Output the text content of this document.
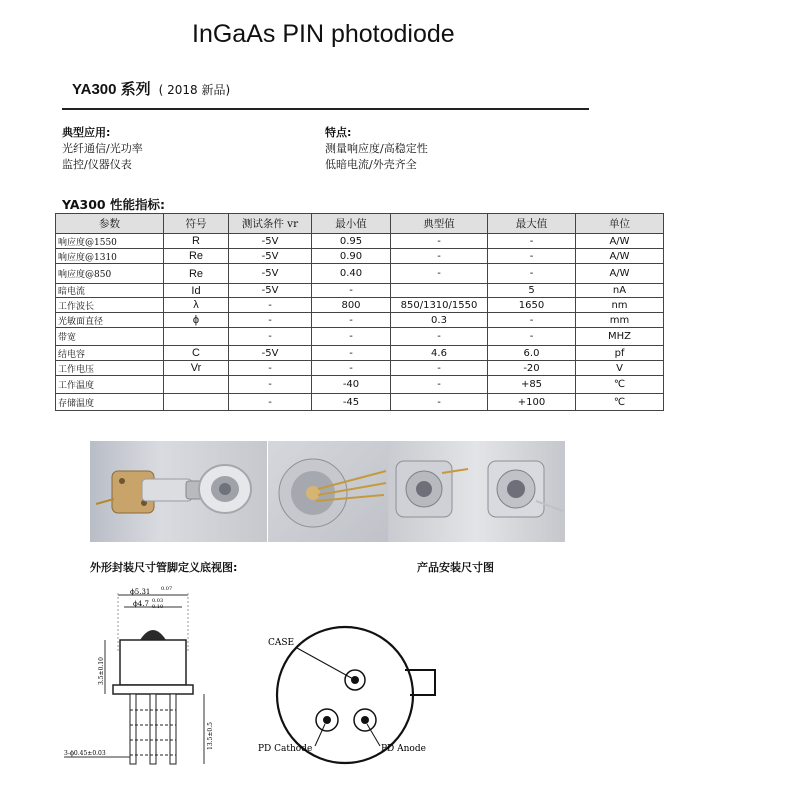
InGaAs PIN photodiode
YA300 系列 ( 2018 新品)
典型应用:
光纤通信/光功率
监控/仪器仪表
特点:
测量响应度/高稳定性
低暗电流/外壳齐全
YA300 性能指标:
参数	符号	测试条件 vr	最小值	典型值	最大值	单位
响应度@1550	R	-5V	0.95	-	-	A/W
响应度@1310	Re	-5V	0.90	-	-	A/W
响应度@850	Re	-5V	0.40	-	-	A/W
暗电流	Id	-5V	-		5	nA
工作波长	λ	-	800	850/1310/1550	1650	nm
光敏面直径	ϕ	-	-	0.3	-	mm
带宽		-	-	-	-	MHZ
结电容	C	-5V	-	4.6	6.0	pf
工作电压	Vr	-	-	-	-20	V
工作温度		-	-40	-	+85	℃
存储温度		-	-45	-	+100	℃
外形封装尺寸管脚定义底视图:	产品安装尺寸图
ϕ5.31 0.07
ϕ4.7 0.03
0.10
3.5±0.10
13.5±0.5
3-ϕ0.45±0.03
CASE
PD Cathode	PD Anode
